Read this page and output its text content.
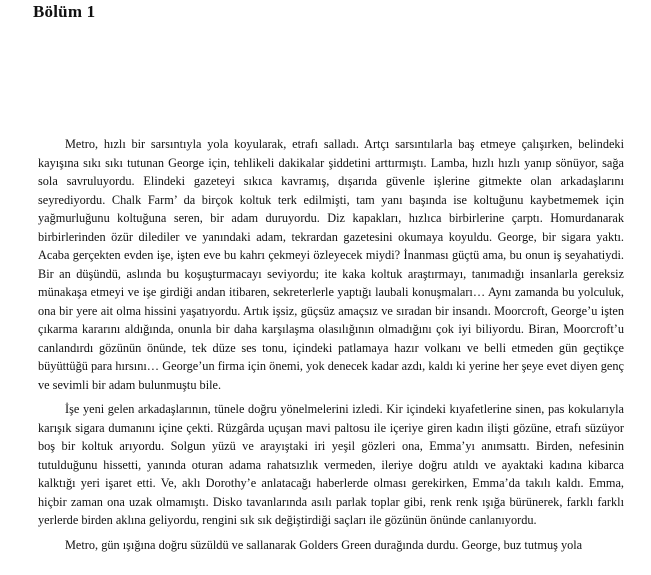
Bölüm 1

Metro, hızlı bir sarsıntıyla yola koyularak, etrafı salladı. Artçı sarsıntılarla baş etmeye çalışırken, belindeki kayışına sıkı sıkı tutunan George için, tehlikeli dakikalar şiddetini arttırmıştı. Lamba, hızlı hızlı yanıp sönüyor, sağa sola savruluyordu. Elindeki gazeteyi sıkıca kavramış, dışarıda güvenle işlerine gitmekte olan arkadaşlarını seyrediyordu. Chalk Farm’ da birçok koltuk terk edilmişti, tam yanı başında ise koltuğunu kaybetmemek için yağmurluğunu koltuğuna seren, bir adam duruyordu. Diz kapakları, hızlıca birbirlerine çarptı. Homurdanarak birbirlerinden özür dilediler ve yanındaki adam, tekrardan gazetesini okumaya koyuldu. George, bir sigara yaktı. Acaba gerçekten evden işe, işten eve bu kahrı çekmeyi özleyecek miydi? İnanması güçtü ama, bu onun iş seyahatiydi. Bir an düşündü, aslında bu koşuşturmacayı seviyordu; ite kaka koltuk araştırmayı, tanımadığı insanlarla gereksiz münakaşa etmeyi ve işe girdiği andan itibaren, sekreterlerle yaptığı laubali konuşmaları… Aynı zamanda bu yolculuk, ona bir yere ait olma hissini yaşatıyordu. Artık işsiz, güçsüz amaçsız ve sıradan bir insandı. Moorcroft, George’u işten çıkarma kararını aldığında, onunla bir daha karşılaşma olasılığının olmadığını çok iyi biliyordu. Biran, Moorcroft’u canlandırdı gözünün önünde, tek düze ses tonu, içindeki patlamaya hazır volkanı ve belli etmeden gün geçtikçe büyüttüğü para hırsını… George’un firma için önemi, yok denecek kadar azdı, kaldı ki yerine her şeye evet diyen genç ve sevimli bir adam bulunmuştu bile.

İşe yeni gelen arkadaşlarının, tünele doğru yönelmelerini izledi. Kir içindeki kıyafetlerine sinen, pas kokularıyla karışık sigara dumanını içine çekti. Rüzgârda uçuşan mavi paltosu ile içeriye giren kadın ilişti gözüne, etrafı süzüyor boş bir koltuk arıyordu. Solgun yüzü ve arayıştaki iri yeşil gözleri ona, Emma’yı anımsattı. Birden, nefesinin tutulduğunu hissetti, yanında oturan adama rahatsızlık vermeden, ileriye doğru atıldı ve ayaktaki kadına kibarca kalktığı yeri işaret etti. Ve, aklı Dorothy’e anlatacağı haberlerde olması gerekirken, Emma’da takılı kaldı. Emma, hiçbir zaman ona uzak olmamıştı. Disko tavanlarında asılı parlak toplar gibi, renk renk ışığa bürünerek, farklı farklı yerlerde birden aklına geliyordu, rengini sık sık değiştirdiği saçları ile gözünün önünde canlanıyordu.

Metro, gün ışığına doğru süzüldü ve sallanarak Golders Green durağında durdu. George, buz tutmuş yola
